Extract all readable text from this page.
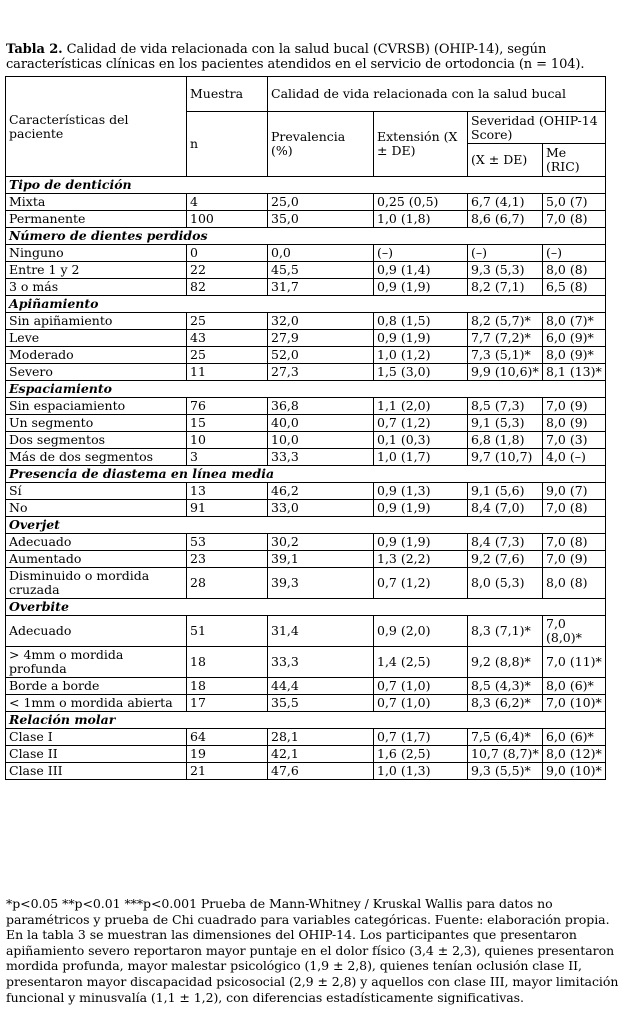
Tabla 2. Calidad de vida relacionada con la salud bucal (CVRSB) (OHIP-14), según características clínicas en los pacientes atendidos en el servicio de ortodoncia (n = 104).
Características del paciente	Muestra	Calidad de vida relacionada con la salud bucal			
	n	Prevalencia (%)	Extensión (X ± DE)	Severidad (OHIP-14 Score)	
				(X ± DE)	Me (RIC)
Tipo de dentición					
Mixta	4	25,0	0,25 (0,5)	6,7 (4,1)	5,0 (7)
Permanente	100	35,0	1,0 (1,8)	8,6 (6,7)	7,0 (8)
Número de dientes perdidos					
Ninguno	0	0,0	(–)	(–)	(–)
Entre 1 y 2	22	45,5	0,9 (1,4)	9,3 (5,3)	8,0 (8)
3 o más	82	31,7	0,9 (1,9)	8,2 (7,1)	6,5 (8)
Apiñamiento					
Sin apiñamiento	25	32,0	0,8 (1,5)	8,2 (5,7)*	8,0 (7)*
Leve	43	27,9	0,9 (1,9)	7,7 (7,2)*	6,0 (9)*
Moderado	25	52,0	1,0 (1,2)	7,3 (5,1)*	8,0 (9)*
Severo	11	27,3	1,5 (3,0)	9,9 (10,6)*	8,1 (13)*
Espaciamiento					
Sin espaciamiento	76	36,8	1,1 (2,0)	8,5 (7,3)	7,0 (9)
Un segmento	15	40,0	0,7 (1,2)	9,1 (5,3)	8,0 (9)
Dos segmentos	10	10,0	0,1 (0,3)	6,8 (1,8)	7,0 (3)
Más de dos segmentos	3	33,3	1,0 (1,7)	9,7 (10,7)	4,0 (–)
Presencia de diastema en línea media					
Sí	13	46,2	0,9 (1,3)	9,1 (5,6)	9,0 (7)
No	91	33,0	0,9 (1,9)	8,4 (7,0)	7,0 (8)
Overjet					
Adecuado	53	30,2	0,9 (1,9)	8,4 (7,3)	7,0 (8)
Aumentado	23	39,1	1,3 (2,2)	9,2 (7,6)	7,0 (9)
Disminuido o mordida cruzada	28	39,3	0,7 (1,2)	8,0 (5,3)	8,0 (8)
Overbite					
Adecuado	51	31,4	0,9 (2,0)	8,3 (7,1)*	7,0 (8,0)*
> 4mm o mordida profunda	18	33,3	1,4 (2,5)	9,2 (8,8)*	7,0 (11)*
Borde a borde	18	44,4	0,7 (1,0)	8,5 (4,3)*	8,0 (6)*
< 1mm o mordida abierta	17	35,5	0,7 (1,0)	8,3 (6,2)*	7,0 (10)*
Relación molar					
Clase I	64	28,1	0,7 (1,7)	7,5 (6,4)*	6,0 (6)*
Clase II	19	42,1	1,6 (2,5)	10,7 (8,7)*	8,0 (12)*
Clase III	21	47,6	1,0 (1,3)	9,3 (5,5)*	9,0 (10)*
*p<0.05 **p<0.01 ***p<0.001 Prueba de Mann-Whitney / Kruskal Wallis para datos no paramétricos y prueba de Chi cuadrado para variables categóricas. Fuente: elaboración propia. En la tabla 3 se muestran las dimensiones del OHIP-14. Los participantes que presentaron apiñamiento severo reportaron mayor puntaje en el dolor físico (3,4 ± 2,3), quienes presentaron mordida profunda, mayor malestar psicológico (1,9 ± 2,8), quienes tenían oclusión clase II, presentaron mayor discapacidad psicosocial (2,9 ± 2,8) y aquellos con clase III, mayor limitación funcional y minusvalía (1,1 ± 1,2), con diferencias estadísticamente significativas.
